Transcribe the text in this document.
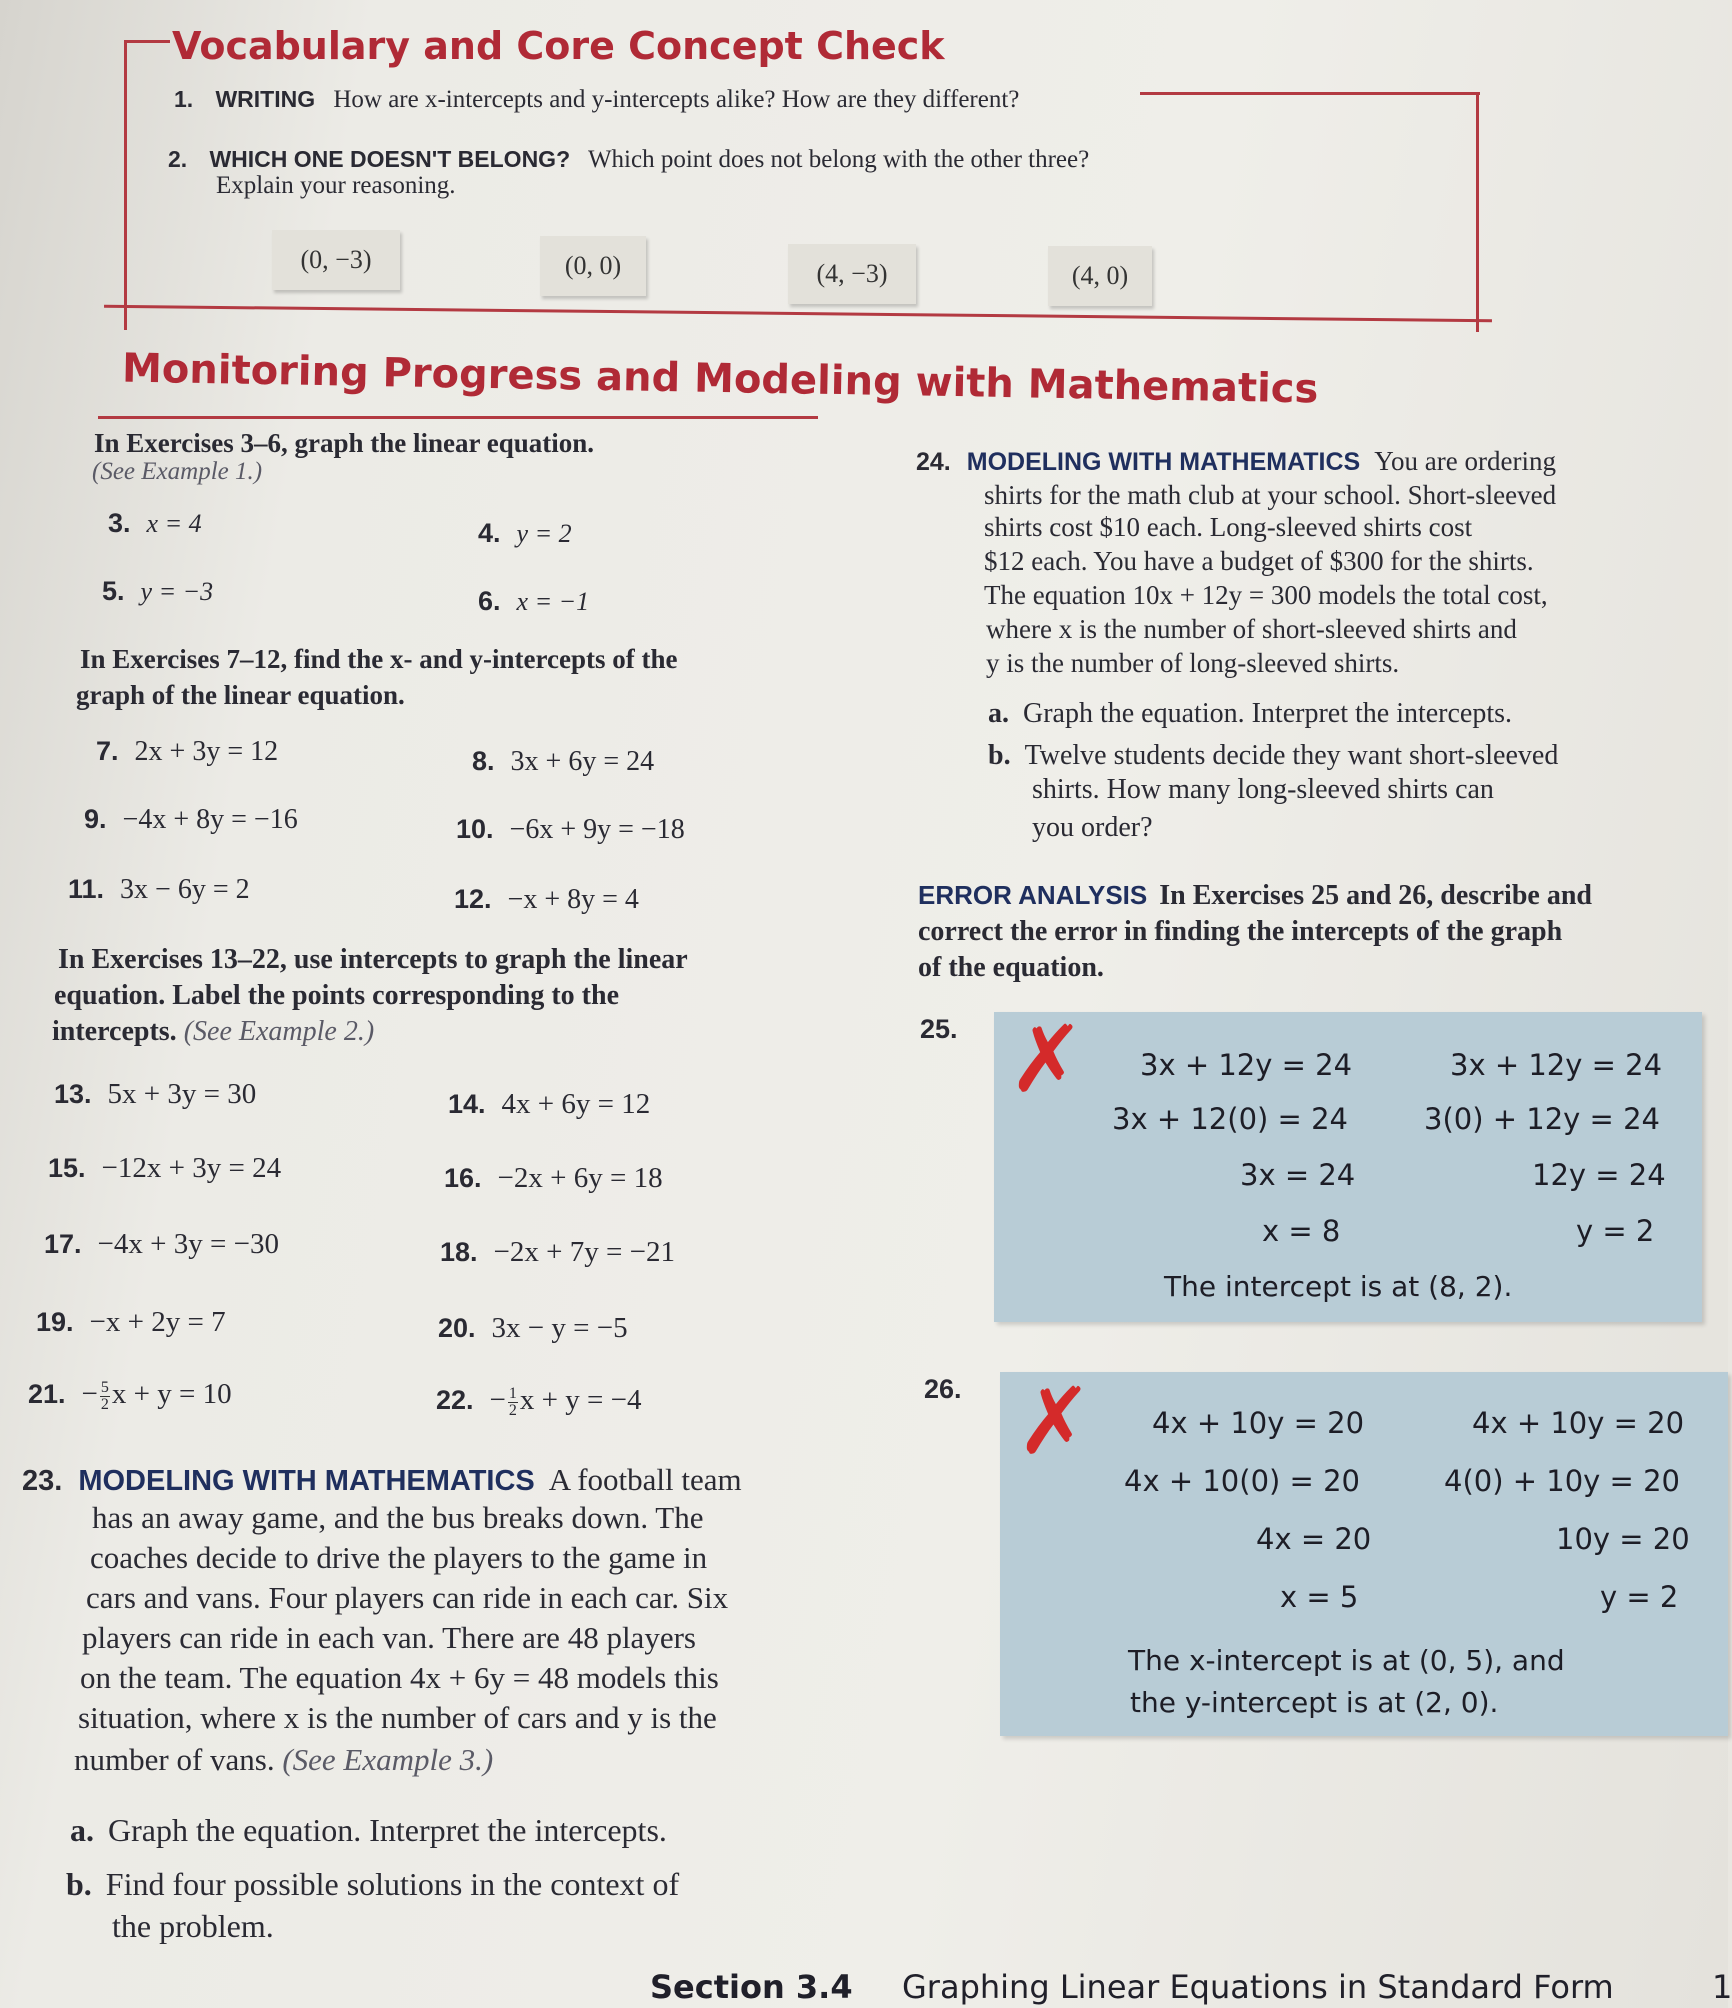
Vocabulary and Core Concept Check
1. WRITING How are x-intercepts and y-intercepts alike? How are they different?
2. WHICH ONE DOESN'T BELONG? Which point does not belong with the other three?
Explain your reasoning.
(0, −3)	(0, 0)	(4, −3)	(4, 0)
Monitoring Progress and Modeling with Mathematics
In Exercises 3–6, graph the linear equation.
(See Example 1.)
3. x = 4	4. y = 2
5. y = −3	6. x = −1
In Exercises 7–12, find the x- and y-intercepts of the
graph of the linear equation.
7. 2x + 3y = 12	8. 3x + 6y = 24
9. −4x + 8y = −16	10. −6x + 9y = −18
11. 3x − 6y = 2	12. −x + 8y = 4
In Exercises 13–22, use intercepts to graph the linear
equation. Label the points corresponding to the
intercepts. (See Example 2.)
13. 5x + 3y = 30	14. 4x + 6y = 12
15. −12x + 3y = 24	16. −2x + 6y = 18
17. −4x + 3y = −30	18. −2x + 7y = −21
19. −x + 2y = 7	20. 3x − y = −5
21. − $\frac{5}{2}$ x + y = 10	22. − $\frac{1}{2}$ x + y = −4
23. MODELING WITH MATHEMATICS A football team
has an away game, and the bus breaks down. The
coaches decide to drive the players to the game in
cars and vans. Four players can ride in each car. Six
players can ride in each van. There are 48 players
on the team. The equation 4x + 6y = 48 models this
situation, where x is the number of cars and y is the
number of vans. (See Example 3.)
a. Graph the equation. Interpret the intercepts.
b. Find four possible solutions in the context of
the problem.
24. MODELING WITH MATHEMATICS You are ordering
shirts for the math club at your school. Short-sleeved
shirts cost $10 each. Long-sleeved shirts cost
$12 each. You have a budget of $300 for the shirts.
The equation 10x + 12y = 300 models the total cost,
where x is the number of short-sleeved shirts and
y is the number of long-sleeved shirts.
a. Graph the equation. Interpret the intercepts.
b. Twelve students decide they want short-sleeved
shirts. How many long-sleeved shirts can
you order?
ERROR ANALYSIS In Exercises 25 and 26, describe and
correct the error in finding the intercepts of the graph
of the equation.
25. ✗ 3x + 12y = 24	3x + 12y = 24
3x + 12(0) = 24	3(0) + 12y = 24
3x = 24	12y = 24
x = 8	y = 2
The intercept is at (8, 2).
26. ✗ 4x + 10y = 20	4x + 10y = 20
4x + 10(0) = 20	4(0) + 10y = 20
4x = 20	10y = 20
x = 5	y = 2
The x-intercept is at (0, 5), and
the y-intercept is at (2, 0).
Section 3.4 Graphing Linear Equations in Standard Form	1
